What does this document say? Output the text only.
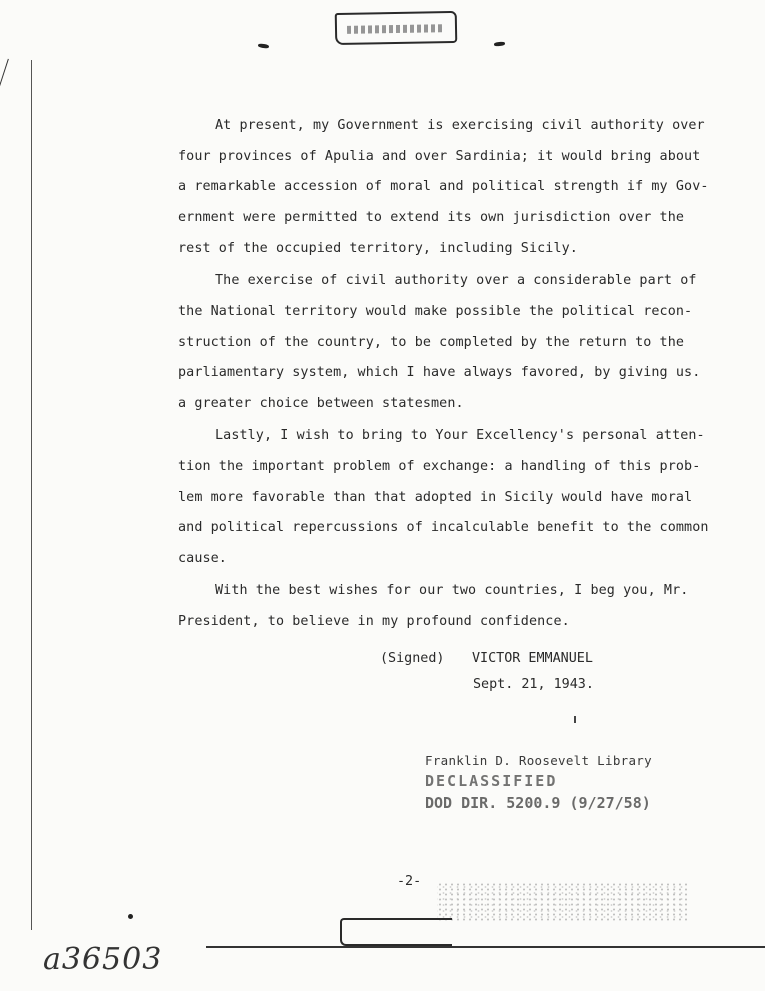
At present, my Government is exercising civil authority over
four provinces of Apulia and over Sardinia; it would bring about
a remarkable accession of moral and political strength if my Gov-
ernment were permitted to extend its own jurisdiction over the
rest of the occupied territory, including Sicily.
The exercise of civil authority over a considerable part of
the National territory would make possible the political recon-
struction of the country, to be completed by the return to the
parliamentary system, which I have always favored, by giving us.
a greater choice between statesmen.
Lastly, I wish to bring to Your Excellency's personal atten-
tion the important problem of exchange: a handling of this prob-
lem more favorable than that adopted in Sicily would have moral
and political repercussions of incalculable benefit to the common
cause.
With the best wishes for our two countries, I beg you, Mr.
President, to believe in my profound confidence.
(Signed) VICTOR EMMANUEL
Sept. 21, 1943.
Franklin D. Roosevelt Library
DECLASSIFIED
DOD DIR. 5200.9 (9/27/58)
-2-
a36503
